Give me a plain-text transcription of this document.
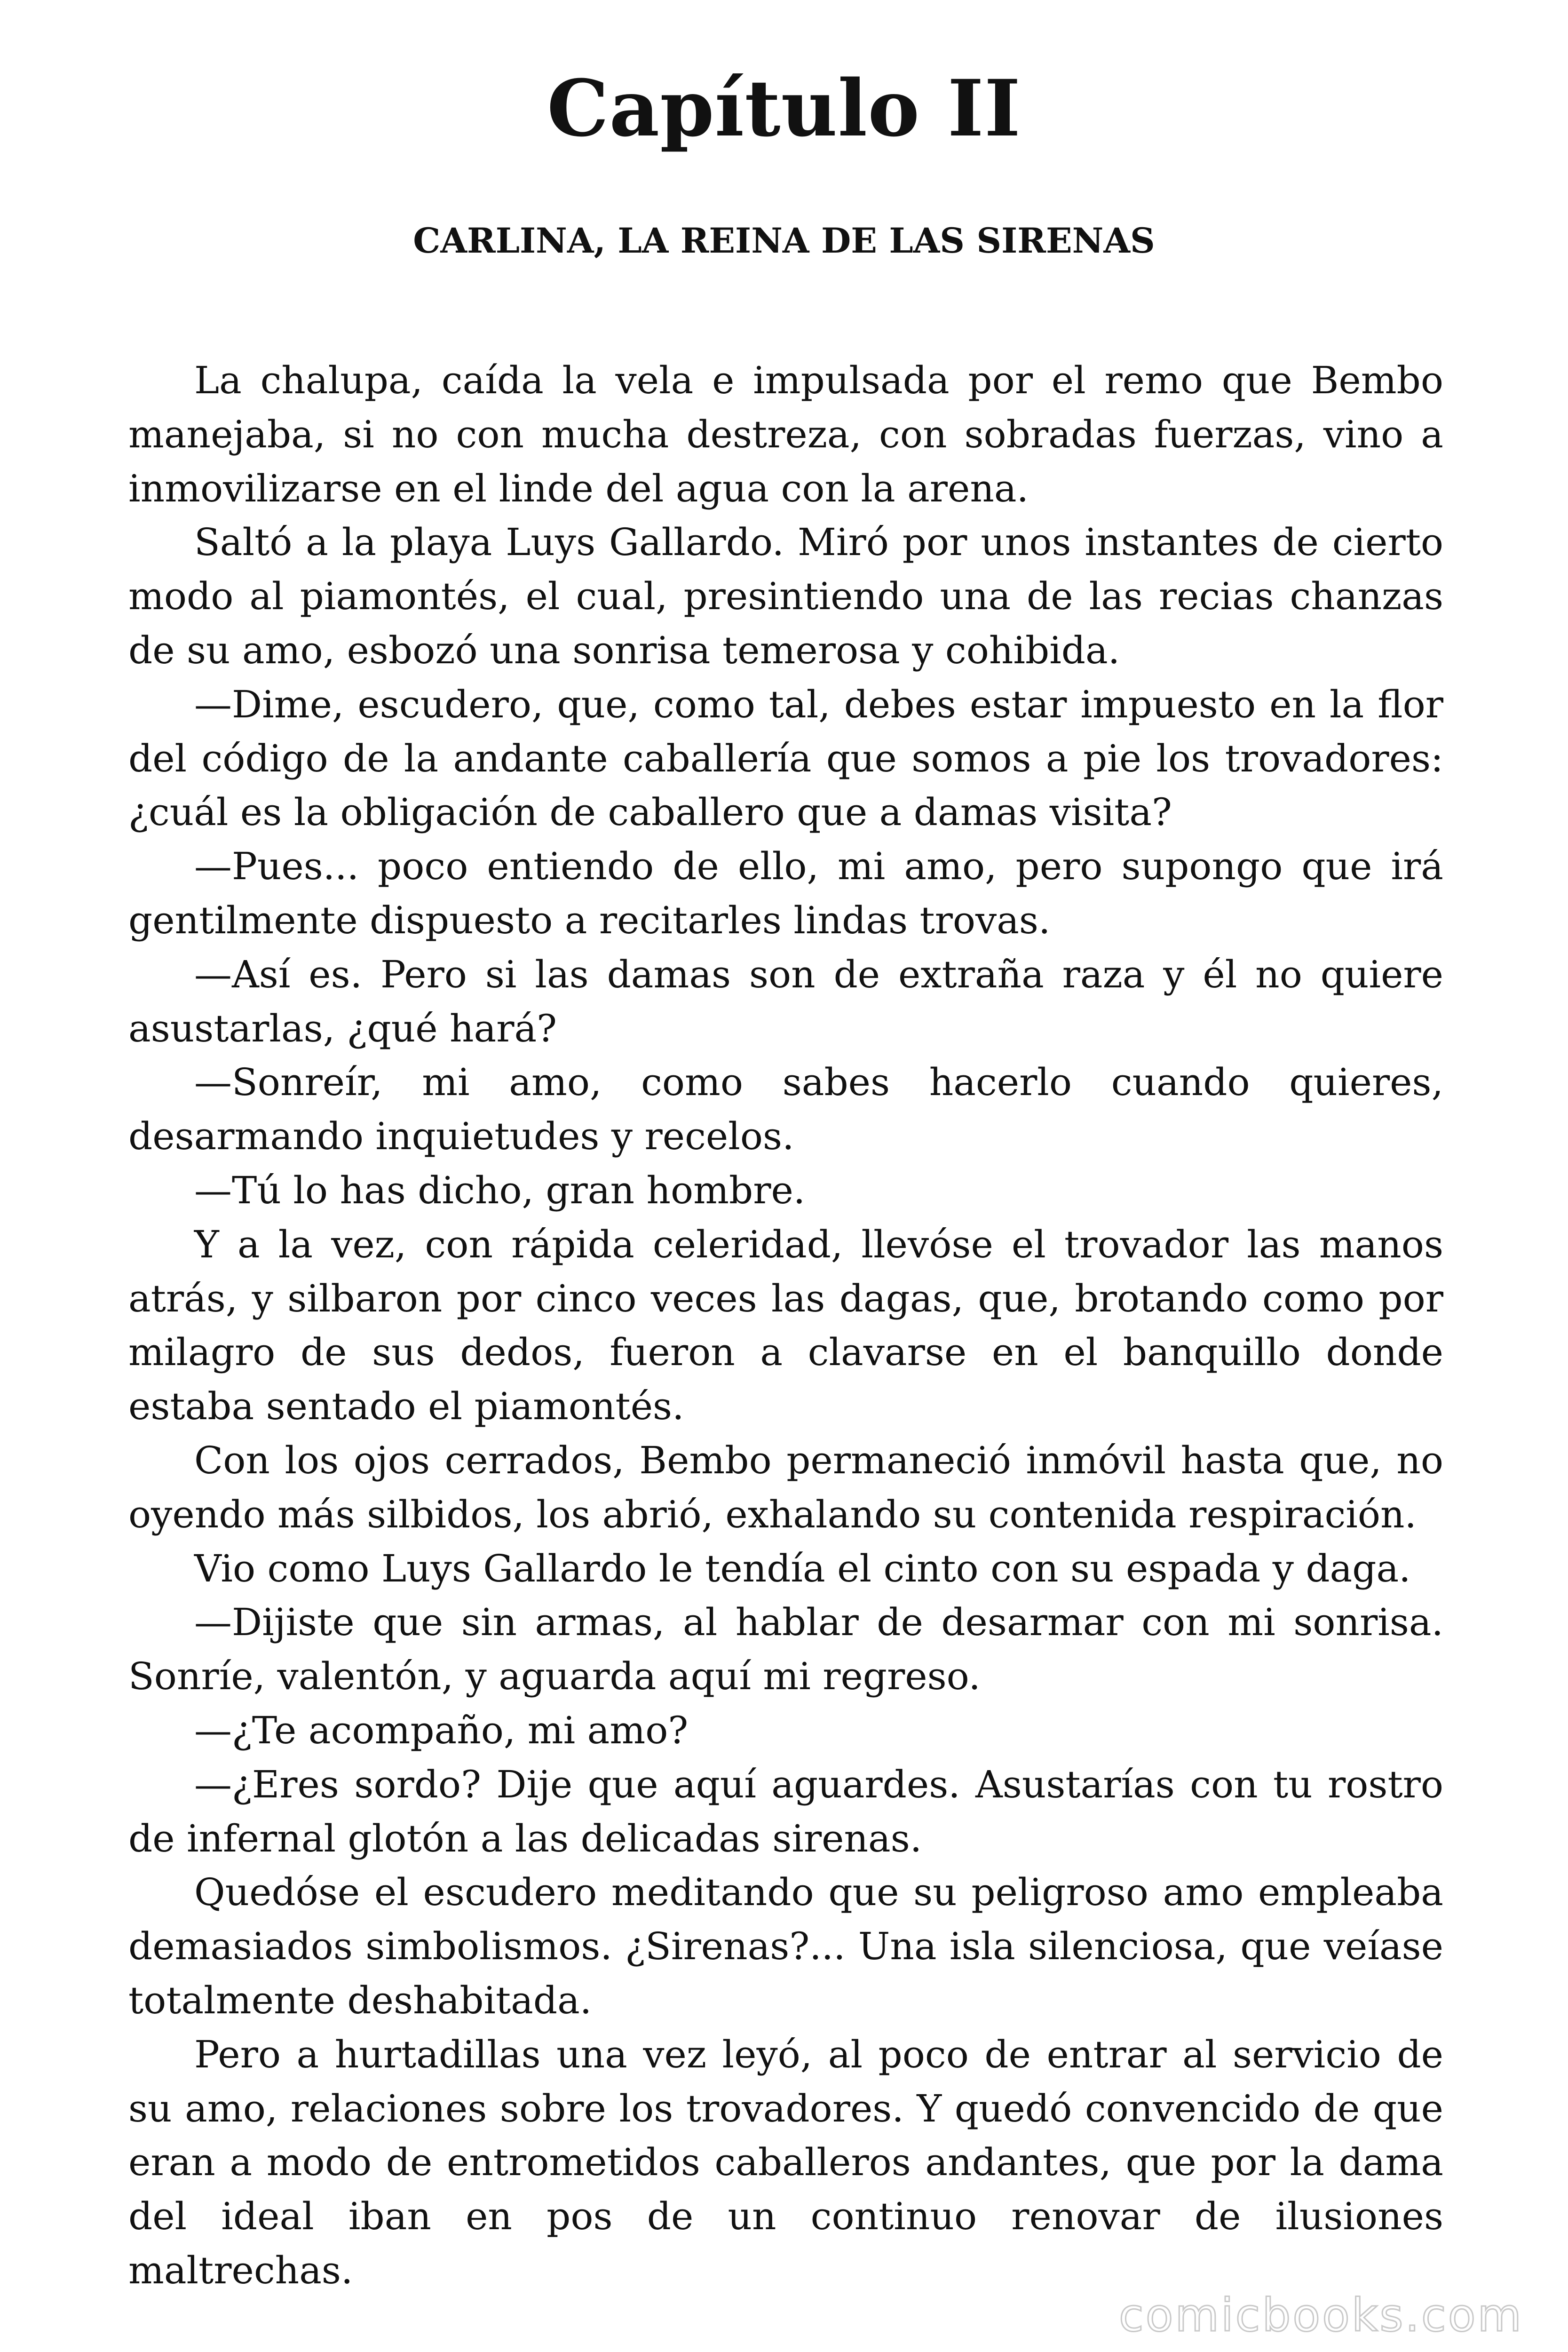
Capítulo II
CARLINA, LA REINA DE LAS SIRENAS

La chalupa, caída la vela e impulsada por el remo que Bembo manejaba, si no con mucha destreza, con sobradas fuerzas, vino a inmovilizarse en el linde del agua con la arena.

Saltó a la playa Luys Gallardo. Miró por unos instantes de cierto modo al piamontés, el cual, presintiendo una de las recias chanzas de su amo, esbozó una sonrisa temerosa y cohibida.

—Dime, escudero, que, como tal, debes estar impuesto en la flor del código de la andante caballería que somos a pie los trovadores: ¿cuál es la obligación de caballero que a damas visita?

—Pues... poco entiendo de ello, mi amo, pero supongo que irá gentilmente dispuesto a recitarles lindas trovas.

—Así es. Pero si las damas son de extraña raza y él no quiere asustarlas, ¿qué hará?

—Sonreír, mi amo, como sabes hacerlo cuando quieres, desarmando inquietudes y recelos.

—Tú lo has dicho, gran hombre.

Y a la vez, con rápida celeridad, llevóse el trovador las manos atrás, y silbaron por cinco veces las dagas, que, brotando como por milagro de sus dedos, fueron a clavarse en el banquillo donde estaba sentado el piamontés.

Con los ojos cerrados, Bembo permaneció inmóvil hasta que, no oyendo más silbidos, los abrió, exhalando su contenida respiración.

Vio como Luys Gallardo le tendía el cinto con su espada y daga.

—Dijiste que sin armas, al hablar de desarmar con mi sonrisa. Sonríe, valentón, y aguarda aquí mi regreso.

—¿Te acompaño, mi amo?

—¿Eres sordo? Dije que aquí aguardes. Asustarías con tu rostro de infernal glotón a las delicadas sirenas.

Quedóse el escudero meditando que su peligroso amo empleaba demasiados simbolismos. ¿Sirenas?... Una isla silenciosa, que veíase totalmente deshabitada.

Pero a hurtadillas una vez leyó, al poco de entrar al servicio de su amo, relaciones sobre los trovadores. Y quedó convencido de que eran a modo de entrometidos caballeros andantes, que por la dama del ideal iban en pos de un continuo renovar de ilusiones maltrechas.

comicbooks.com
